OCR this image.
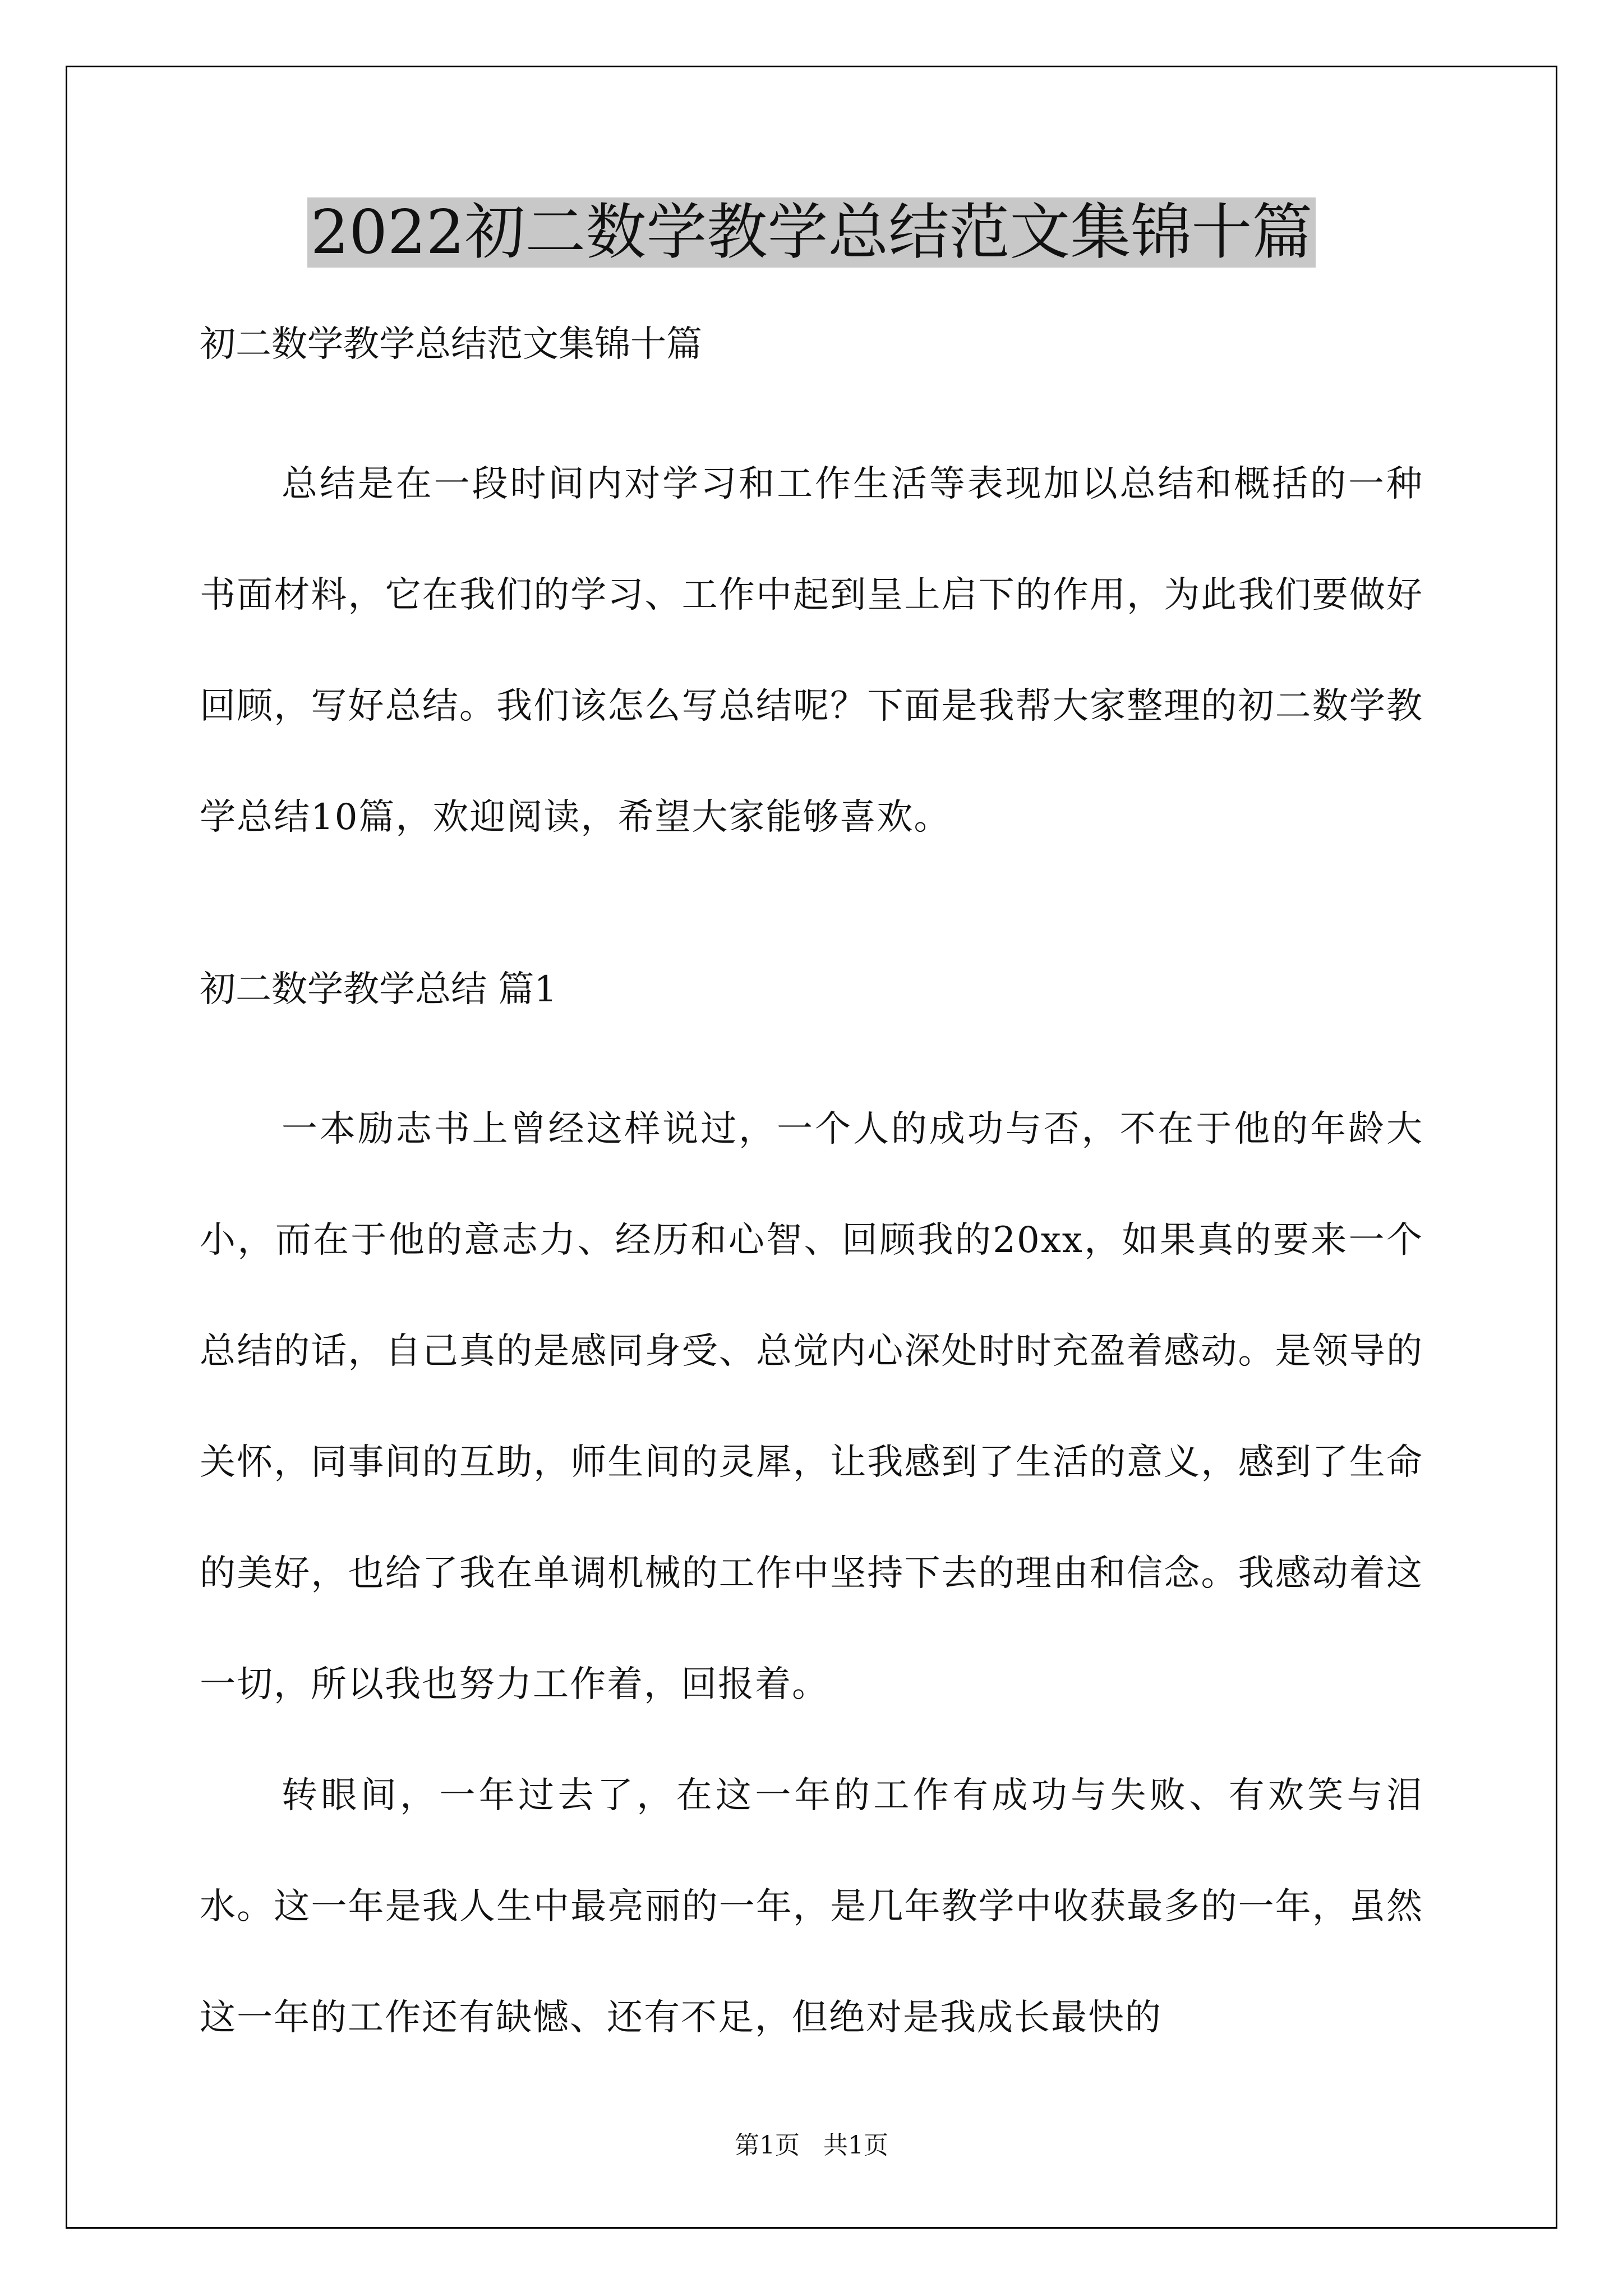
2022初二数学教学总结范文集锦十篇

初二数学教学总结范文集锦十篇

总结是在一段时间内对学习和工作生活等表现加以总结和概括的一种书面材料，它在我们的学习、工作中起到呈上启下的作用，为此我们要做好回顾，写好总结。我们该怎么写总结呢？下面是我帮大家整理的初二数学教学总结10篇，欢迎阅读，希望大家能够喜欢。

初二数学教学总结 篇1

一本励志书上曾经这样说过，一个人的成功与否，不在于他的年龄大小，而在于他的意志力、经历和心智、回顾我的20xx，如果真的要来一个总结的话，自己真的是感同身受、总觉内心深处时时充盈着感动。是领导的关怀，同事间的互助，师生间的灵犀，让我感到了生活的意义，感到了生命的美好，也给了我在单调机械的工作中坚持下去的理由和信念。我感动着这一切，所以我也努力工作着，回报着。

转眼间，一年过去了，在这一年的工作有成功与失败、有欢笑与泪水。这一年是我人生中最亮丽的一年，是几年教学中收获最多的一年，虽然这一年的工作还有缺憾、还有不足，但绝对是我成长最快的

第1页   共1页
